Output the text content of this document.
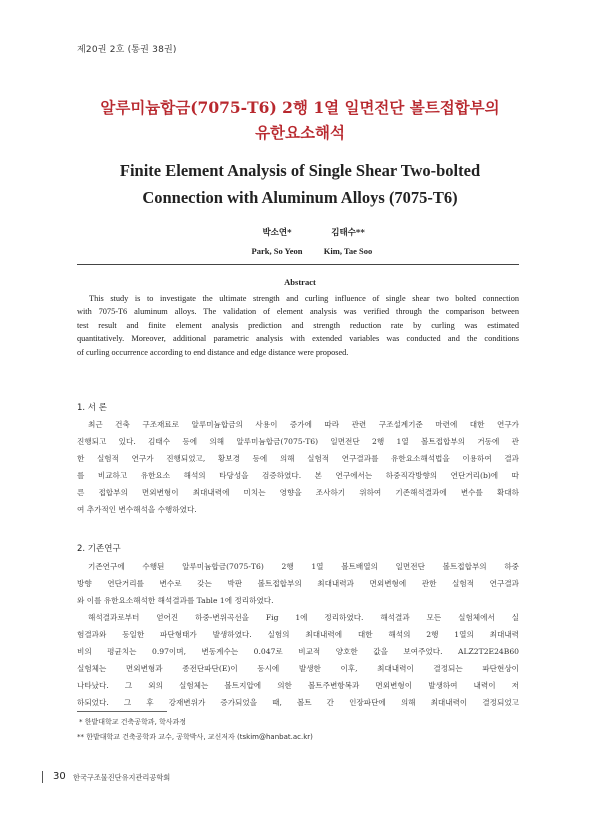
제20권 2호 (통권 38권)
알루미늄합금(7075-T6) 2행 1열 일면전단 볼트접합부의
유한요소해석
Finite Element Analysis of Single Shear Two-bolted
Connection with Aluminum Alloys (7075-T6)
박소연*
Park, So Yeon
김태수**
Kim, Tae Soo
Abstract
This study is to investigate the ultimate strength and curling influence of single shear two bolted connection
with 7075-T6 aluminum alloys. The validation of element analysis was verified through the comparison between
test result and finite element analysis prediction and strength reduction rate by curling was estimated
quantitatively. Moreover, additional parametric analysis with extended variables was conducted and the conditions
of curling occurrence according to end distance and edge distance were proposed.
1. 서 론
최근 건축 구조재료로 알루미늄합금의 사용이 증가에 따라 관련 구조설계기준 마련에 대한 연구가
진행되고 있다. 김태수 등에 의해 알루미늄합금(7075-T6) 일면전단 2행 1열 볼트접합부의 거동에 관
한 실험적 연구가 진행되었고, 황보경 등에 의해 실험적 연구결과를 유한요소해석법을 이용하여 결과
를 비교하고 유한요소 해석의 타당성을 검증하였다. 본 연구에서는 하중직각방향의 연단거리(b)에 따
른 접합부의 면외변형이 최대내력에 미치는 영향을 조사하기 위하여 기존해석결과에 변수를 확대하
여 추가적인 변수해석을 수행하였다.
2. 기존연구
기존연구에 수행된 알루미늄합금(7075-T6) 2행 1열 볼트배열의 일면전단 볼트접합부의 하중
방향 연단거리를 변수로 갖는 박판 볼트접합부의 최대내력과 면외변형에 관한 실험적 연구결과
와 이를 유한요소해석한 해석결과를 Table 1에 정리하였다.
해석결과로부터 얻어진 하중-변위곡선을 Fig 1에 정리하였다. 해석결과 모든 실험체에서 실
험결과와 동일한 파단형태가 발생하였다. 실험의 최대내력에 대한 해석의 2행 1열의 최대내력
비의 평균치는 0.97이며, 변동계수는 0.047로 비교적 양호한 값을 보여주었다. ALZ2T2E24B60
실험체는 면외변형과 종전단파단(E)이 동시에 발생한 이후, 최대내력이 결정되는 파단현상이
나타났다. 그 외의 실험체는 볼트지압에 의한 볼트주변항복과 면외변형이 발생하여 내력이 저
하되었다. 그 후 강재변위가 증가되었을 때, 볼트 간 인장파단에 의해 최대내력이 결정되었고
* 한밭대학교 건축공학과, 학사과정
** 한밭대학교 건축공학과 교수, 공학박사, 교신저자 (tskim@hanbat.ac.kr)
30 한국구조물진단유지관리공학회
